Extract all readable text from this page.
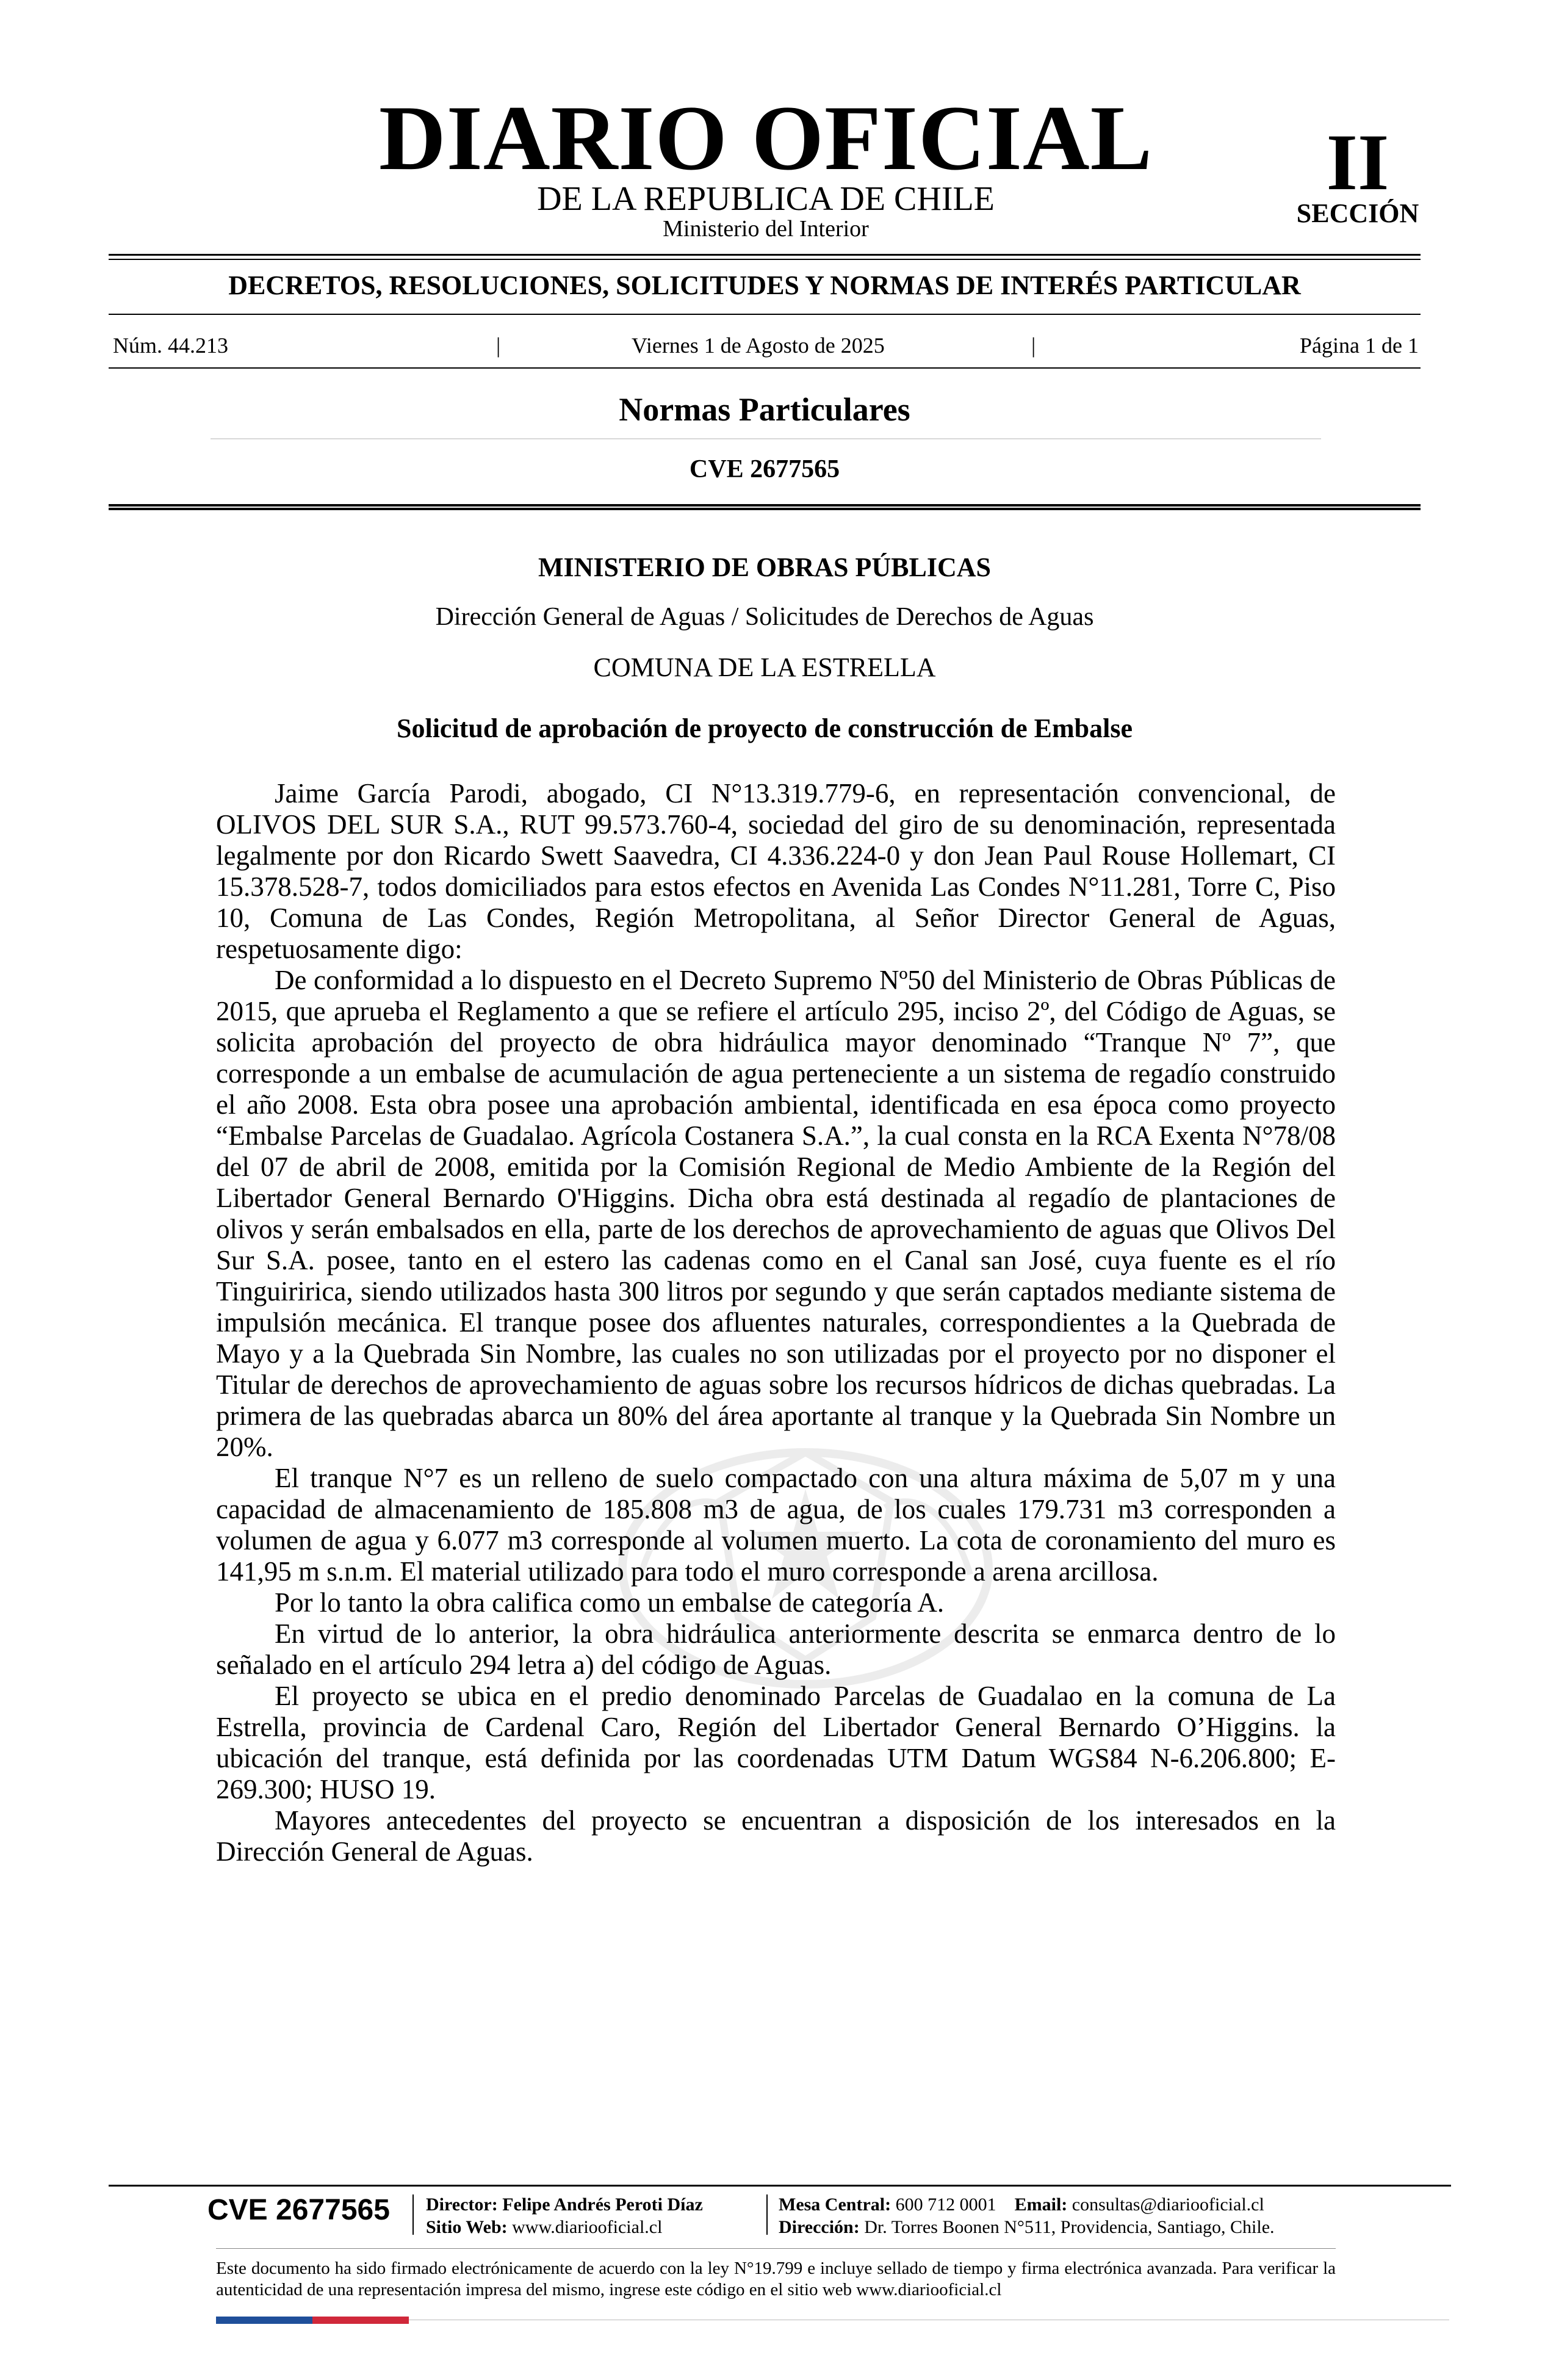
DIARIO OFICIAL
DE LA REPUBLICA DE CHILE
Ministerio del Interior
II
SECCIÓN
DECRETOS, RESOLUCIONES, SOLICITUDES Y NORMAS DE INTERÉS PARTICULAR
Núm. 44.213	|	Viernes 1 de Agosto de 2025	|	Página 1 de 1
Normas Particulares
CVE 2677565
MINISTERIO DE OBRAS PÚBLICAS
Dirección General de Aguas / Solicitudes de Derechos de Aguas
COMUNA DE LA ESTRELLA
Solicitud de aprobación de proyecto de construcción de Embalse

Jaime García Parodi, abogado, CI N°13.319.779-6, en representación convencional, de OLIVOS DEL SUR S.A., RUT 99.573.760-4, sociedad del giro de su denominación, representada legalmente por don Ricardo Swett Saavedra, CI 4.336.224-0 y don Jean Paul Rouse Hollemart, CI 15.378.528-7, todos domiciliados para estos efectos en Avenida Las Condes N°11.281, Torre C, Piso 10, Comuna de Las Condes, Región Metropolitana, al Señor Director General de Aguas, respetuosamente digo:

De conformidad a lo dispuesto en el Decreto Supremo Nº50 del Ministerio de Obras Públicas de 2015, que aprueba el Reglamento a que se refiere el artículo 295, inciso 2º, del Código de Aguas, se solicita aprobación del proyecto de obra hidráulica mayor denominado “Tranque Nº 7”, que corresponde a un embalse de acumulación de agua perteneciente a un sistema de regadío construido el año 2008. Esta obra posee una aprobación ambiental, identificada en esa época como proyecto “Embalse Parcelas de Guadalao. Agrícola Costanera S.A.”, la cual consta en la RCA Exenta N°78/08 del 07 de abril de 2008, emitida por la Comisión Regional de Medio Ambiente de la Región del Libertador General Bernardo O'Higgins. Dicha obra está destinada al regadío de plantaciones de olivos y serán embalsados en ella, parte de los derechos de aprovechamiento de aguas que Olivos Del Sur S.A. posee, tanto en el estero las cadenas como en el Canal san José, cuya fuente es el río Tinguiririca, siendo utilizados hasta 300 litros por segundo y que serán captados mediante sistema de impulsión mecánica. El tranque posee dos afluentes naturales, correspondientes a la Quebrada de Mayo y a la Quebrada Sin Nombre, las cuales no son utilizadas por el proyecto por no disponer el Titular de derechos de aprovechamiento de aguas sobre los recursos hídricos de dichas quebradas. La primera de las quebradas abarca un 80% del área aportante al tranque y la Quebrada Sin Nombre un 20%.

El tranque N°7 es un relleno de suelo compactado con una altura máxima de 5,07 m y una capacidad de almacenamiento de 185.808 m3 de agua, de los cuales 179.731 m3 corresponden a volumen de agua y 6.077 m3 corresponde al volumen muerto. La cota de coronamiento del muro es 141,95 m s.n.m. El material utilizado para todo el muro corresponde a arena arcillosa.

Por lo tanto la obra califica como un embalse de categoría A.

En virtud de lo anterior, la obra hidráulica anteriormente descrita se enmarca dentro de lo señalado en el artículo 294 letra a) del código de Aguas.

El proyecto se ubica en el predio denominado Parcelas de Guadalao en la comuna de La Estrella, provincia de Cardenal Caro, Región del Libertador General Bernardo O’Higgins. la ubicación del tranque, está definida por las coordenadas UTM Datum WGS84 N-6.206.800; E-269.300; HUSO 19.

Mayores antecedentes del proyecto se encuentran a disposición de los interesados en la Dirección General de Aguas.

CVE 2677565 Director: Felipe Andrés Peroti Díaz
Sitio Web: www.diariooficial.cl
Mesa Central: 600 712 0001 Email: consultas@diariooficial.cl
Dirección: Dr. Torres Boonen N°511, Providencia, Santiago, Chile.
Este documento ha sido firmado electrónicamente de acuerdo con la ley N°19.799 e incluye sellado de tiempo y firma electrónica avanzada. Para verificar la autenticidad de una representación impresa del mismo, ingrese este código en el sitio web www.diariooficial.cl
